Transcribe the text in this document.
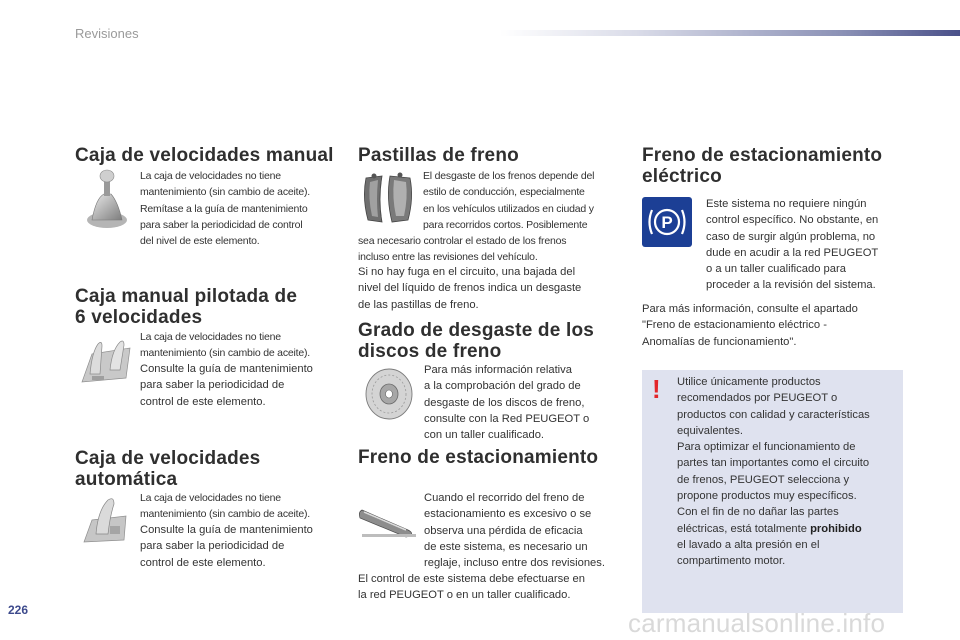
Revisiones
Caja de velocidades manual
La caja de velocidades no tiene
mantenimiento (sin cambio de aceite).
Remítase a la guía de mantenimiento
para saber la periodicidad de control
del nivel de este elemento.
Caja manual pilotada de
6 velocidades
La caja de velocidades no tiene
mantenimiento (sin cambio de aceite).
Consulte la guía de mantenimiento
para saber la periodicidad de
control de este elemento.
Caja de velocidades
automática
La caja de velocidades no tiene
mantenimiento (sin cambio de aceite).
Consulte la guía de mantenimiento
para saber la periodicidad de
control de este elemento.
Pastillas de freno
El desgaste de los frenos depende del
estilo de conducción, especialmente
en los vehículos utilizados en ciudad y
para recorridos cortos. Posiblemente
sea necesario controlar el estado de los frenos
incluso entre las revisiones del vehículo.
Si no hay fuga en el circuito, una bajada del
nivel del líquido de frenos indica un desgaste
de las pastillas de freno.
Grado de desgaste de los
discos de freno
Para más información relativa
a la comprobación del grado de
desgaste de los discos de freno,
consulte con la Red PEUGEOT o
con un taller cualificado.
Freno de estacionamiento
Cuando el recorrido del freno de
estacionamiento es excesivo o se
observa una pérdida de eficacia
de este sistema, es necesario un
reglaje, incluso entre dos revisiones.
El control de este sistema debe efectuarse en
la red PEUGEOT o en un taller cualificado.
Freno de estacionamiento
eléctrico
P
Este sistema no requiere ningún
control específico. No obstante, en
caso de surgir algún problema, no
dude en acudir a la red PEUGEOT
o a un taller cualificado para
proceder a la revisión del sistema.
Para más información, consulte el apartado
"Freno de estacionamiento eléctrico -
Anomalías de funcionamiento".
! Utilice únicamente productos
recomendados por PEUGEOT o
productos con calidad y características
equivalentes.
Para optimizar el funcionamiento de
partes tan importantes como el circuito
de frenos, PEUGEOT selecciona y
propone productos muy específicos.
Con el fin de no dañar las partes
eléctricas, está totalmente prohibido
el lavado a alta presión en el
compartimento motor.
226	carmanualsonline.info
